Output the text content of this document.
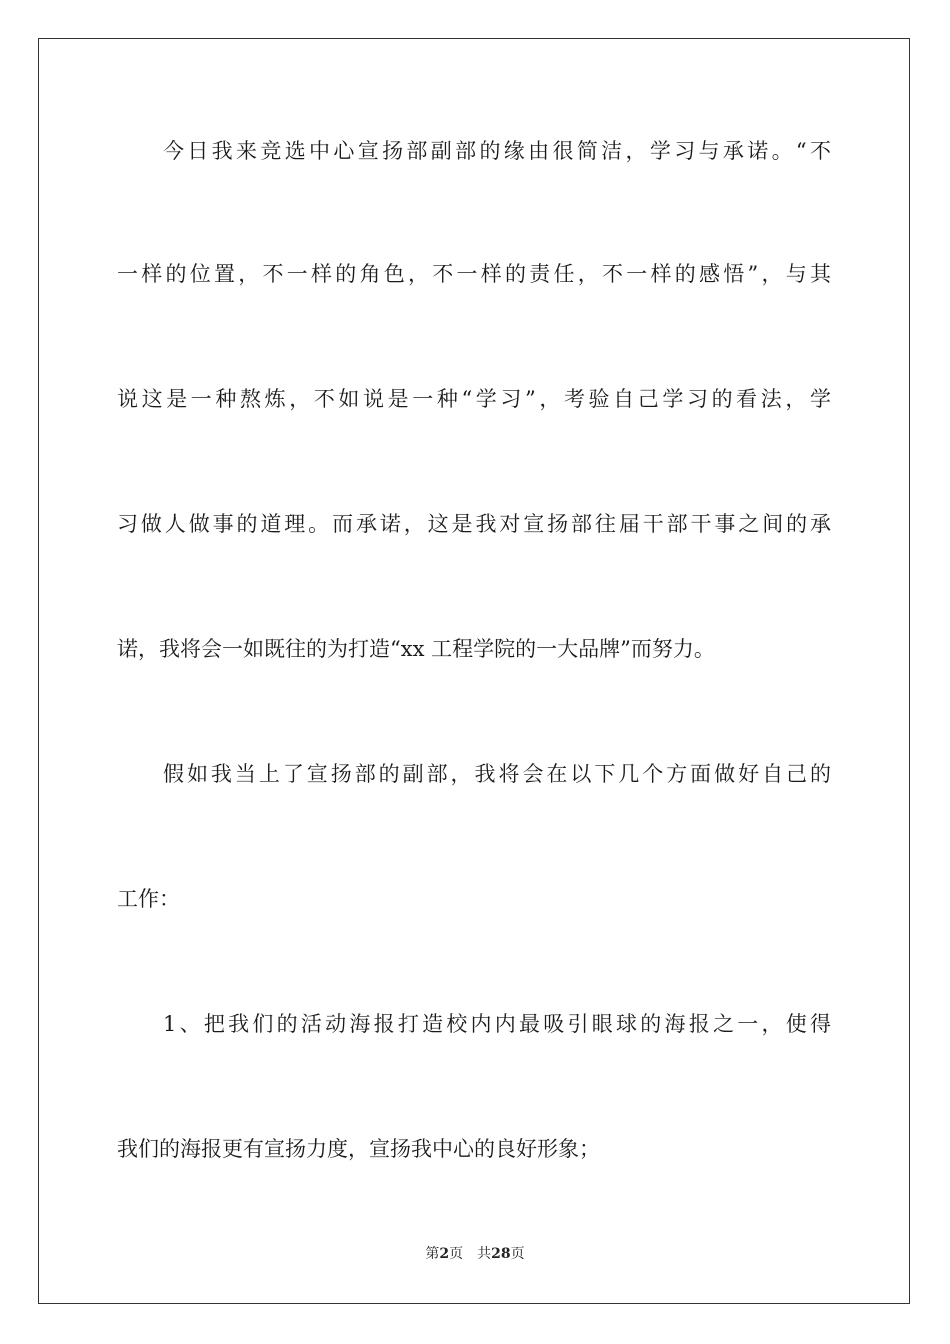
今日我来竞选中心宣扬部副部的缘由很简洁，学习与承诺。“不
一样的位置，不一样的角色，不一样的责任，不一样的感悟”，与其
说这是一种熬炼，不如说是一种“学习”，考验自己学习的看法，学
习做人做事的道理。而承诺，这是我对宣扬部往届干部干事之间的承
诺，我将会一如既往的为打造“xx 工程学院的一大品牌”而努力。
假如我当上了宣扬部的副部，我将会在以下几个方面做好自己的
工作：
1、把我们的活动海报打造校内内最吸引眼球的海报之一，使得
我们的海报更有宣扬力度，宣扬我中心的良好形象；
第2页 共28页
